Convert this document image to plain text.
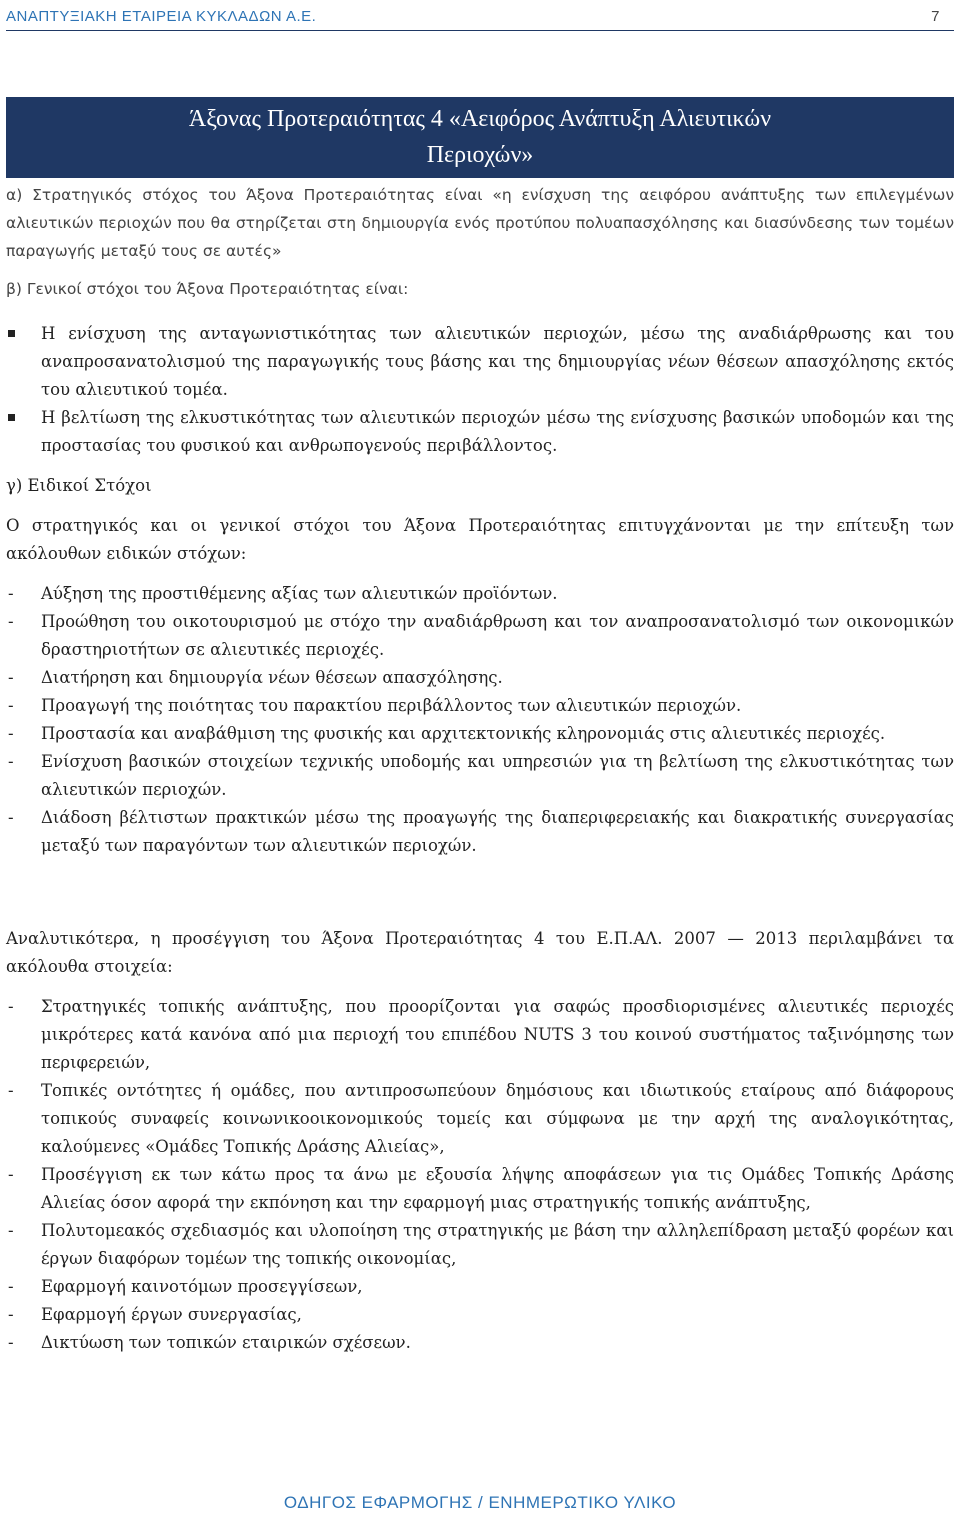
ΑΝΑΠΤΥΞΙΑΚΗ ΕΤΑΙΡΕΙΑ ΚΥΚΛΑΔΩΝ Α.Ε.	7
Άξονας Προτεραιότητας 4 «Αειφόρος Ανάπτυξη Αλιευτικών
Περιοχών»

α) Στρατηγικός στόχος του Άξονα Προτεραιότητας είναι «η ενίσχυση της αειφόρου ανάπτυξης των επιλεγμένων αλιευτικών περιοχών που θα στηρίζεται στη δημιουργία ενός προτύπου πολυαπασχόλησης και διασύνδεσης των τομέων παραγωγής μεταξύ τους σε αυτές»

β) Γενικοί στόχοι του Άξονα Προτεραιότητας είναι:

Η ενίσχυση της ανταγωνιστικότητας των αλιευτικών περιοχών, μέσω της αναδιάρθρωσης και του αναπροσανατολισμού της παραγωγικής τους βάσης και της δημιουργίας νέων θέσεων απασχόλησης εκτός του αλιευτικού τομέα.
Η βελτίωση της ελκυστικότητας των αλιευτικών περιοχών μέσω της ενίσχυσης βασικών υποδομών και της προστασίας του φυσικού και ανθρωπογενούς περιβάλλοντος.

γ) Ειδικοί Στόχοι

Ο στρατηγικός και οι γενικοί στόχοι του Άξονα Προτεραιότητας επιτυγχάνονται με την επίτευξη των ακόλουθων ειδικών στόχων:

- Αύξηση της προστιθέμενης αξίας των αλιευτικών προϊόντων.
- Προώθηση του οικοτουρισμού με στόχο την αναδιάρθρωση και τον αναπροσανατολισμό των οικονομικών δραστηριοτήτων σε αλιευτικές περιοχές.
- Διατήρηση και δημιουργία νέων θέσεων απασχόλησης.
- Προαγωγή της ποιότητας του παρακτίου περιβάλλοντος των αλιευτικών περιοχών.
- Προστασία και αναβάθμιση της φυσικής και αρχιτεκτονικής κληρονομιάς στις αλιευτικές περιοχές.
- Ενίσχυση βασικών στοιχείων τεχνικής υποδομής και υπηρεσιών για τη βελτίωση της ελκυστικότητας των αλιευτικών περιοχών.
- Διάδοση βέλτιστων πρακτικών μέσω της προαγωγής της διαπεριφερειακής και διακρατικής συνεργασίας μεταξύ των παραγόντων των αλιευτικών περιοχών.

Αναλυτικότερα, η προσέγγιση του Άξονα Προτεραιότητας 4 του Ε.Π.ΑΛ. 2007 — 2013 περιλαμβάνει τα ακόλουθα στοιχεία:

- Στρατηγικές τοπικής ανάπτυξης, που προορίζονται για σαφώς προσδιορισμένες αλιευτικές περιοχές μικρότερες κατά κανόνα από μια περιοχή του επιπέδου NUTS 3 του κοινού συστήματος ταξινόμησης των περιφερειών,
- Τοπικές οντότητες ή ομάδες, που αντιπροσωπεύουν δημόσιους και ιδιωτικούς εταίρους από διάφορους τοπικούς συναφείς κοινωνικοοικονομικούς τομείς και σύμφωνα με την αρχή της αναλογικότητας, καλούμενες «Ομάδες Τοπικής Δράσης Αλιείας»,
- Προσέγγιση εκ των κάτω προς τα άνω με εξουσία λήψης αποφάσεων για τις Ομάδες Τοπικής Δράσης Αλιείας όσον αφορά την εκπόνηση και την εφαρμογή μιας στρατηγικής τοπικής ανάπτυξης,
- Πολυτομεακός σχεδιασμός και υλοποίηση της στρατηγικής με βάση την αλληλεπίδραση μεταξύ φορέων και έργων διαφόρων τομέων της τοπικής οικονομίας,
- Εφαρμογή καινοτόμων προσεγγίσεων,
- Εφαρμογή έργων συνεργασίας,
- Δικτύωση των τοπικών εταιρικών σχέσεων.
ΟΔΗΓΟΣ ΕΦΑΡΜΟΓΗΣ / ΕΝΗΜΕΡΩΤΙΚΟ ΥΛΙΚΟ
